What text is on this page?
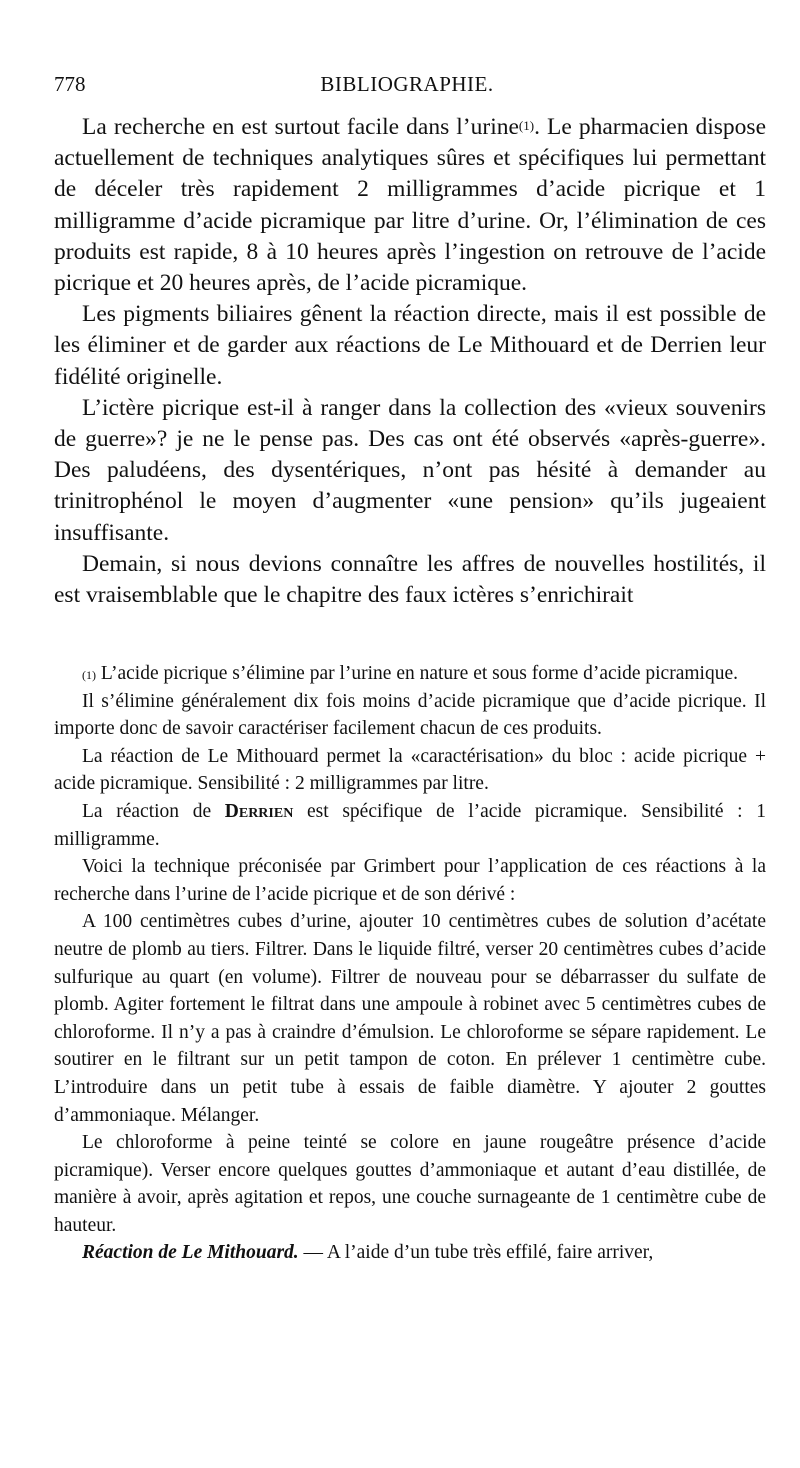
778	BIBLIOGRAPHIE.

La recherche en est surtout facile dans l’urine$^{(1)}$. Le pharmacien dispose actuellement de techniques analytiques sûres et spécifiques lui permettant de déceler très rapidement 2 milligrammes d’acide picrique et 1 milligramme d’acide picramique par litre d’urine. Or, l’élimination de ces produits est rapide, 8 à 10 heures après l’ingestion on retrouve de l’acide picrique et 20 heures après, de l’acide picramique.

Les pigments biliaires gênent la réaction directe, mais il est possible de les éliminer et de garder aux réactions de Le Mithouard et de Derrien leur fidélité originelle.

L’ictère picrique est-il à ranger dans la collection des «vieux souvenirs de guerre»? je ne le pense pas. Des cas ont été observés «après-guerre». Des paludéens, des dysentériques, n’ont pas hésité à demander au trinitrophénol le moyen d’augmenter «une pension» qu’ils jugeaient insuffisante.

Demain, si nous devions connaître les affres de nouvelles hostilités, il est vraisemblable que le chapitre des faux ictères s’enrichirait

$^{(1)}$ L’acide picrique s’élimine par l’urine en nature et sous forme d’acide picramique.

Il s’élimine généralement dix fois moins d’acide picramique que d’acide picrique. Il importe donc de savoir caractériser facilement chacun de ces produits.

La réaction de Le Mithouard permet la «caractérisation» du bloc : acide picrique + acide picramique. Sensibilité : 2 milligrammes par litre.

La réaction de Derrien est spécifique de l’acide picramique. Sensibilité : 1 milligramme.

Voici la technique préconisée par Grimbert pour l’application de ces réactions à la recherche dans l’urine de l’acide picrique et de son dérivé :

A 100 centimètres cubes d’urine, ajouter 10 centimètres cubes de solution d’acétate neutre de plomb au tiers. Filtrer. Dans le liquide filtré, verser 20 centimètres cubes d’acide sulfurique au quart (en volume). Filtrer de nouveau pour se débarrasser du sulfate de plomb. Agiter fortement le filtrat dans une ampoule à robinet avec 5 centimètres cubes de chloroforme. Il n’y a pas à craindre d’émulsion. Le chloroforme se sépare rapidement. Le soutirer en le filtrant sur un petit tampon de coton. En prélever 1 centimètre cube. L’introduire dans un petit tube à essais de faible diamètre. Y ajouter 2 gouttes d’ammoniaque. Mélanger.

Le chloroforme à peine teinté se colore en jaune rougeâtre présence d’acide picramique). Verser encore quelques gouttes d’ammoniaque et autant d’eau distillée, de manière à avoir, après agitation et repos, une couche surnageante de 1 centimètre cube de hauteur.

Réaction de Le Mithouard. — A l’aide d’un tube très effilé, faire arriver,
